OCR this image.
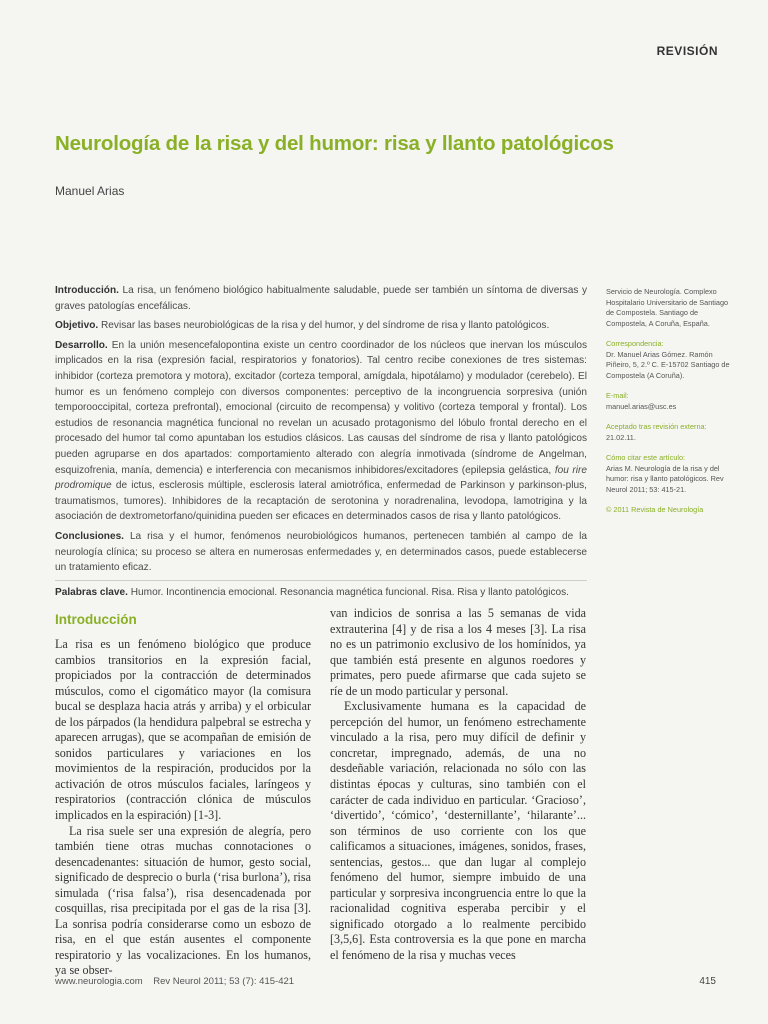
REVISIÓN
Neurología de la risa y del humor: risa y llanto patológicos
Manuel Arias

Introducción. La risa, un fenómeno biológico habitualmente saludable, puede ser también un síntoma de diversas y graves patologías encefálicas.

Objetivo. Revisar las bases neurobiológicas de la risa y del humor, y del síndrome de risa y llanto patológicos.

Desarrollo. En la unión mesencefalopontina existe un centro coordinador de los núcleos que inervan los músculos implicados en la risa (expresión facial, respiratorios y fonatorios). Tal centro recibe conexiones de tres sistemas: inhibidor (corteza premotora y motora), excitador (corteza temporal, amígdala, hipotálamo) y modulador (cerebelo). El humor es un fenómeno complejo con diversos componentes: perceptivo de la incongruencia sorpresiva (unión temporooccipital, corteza prefrontal), emocional (circuito de recompensa) y volitivo (corteza temporal y frontal). Los estudios de resonancia magnética funcional no revelan un acusado protagonismo del lóbulo frontal derecho en el procesado del humor tal como apuntaban los estudios clásicos. Las causas del síndrome de risa y llanto patológicos pueden agruparse en dos apartados: comportamiento alterado con alegría inmotivada (síndrome de Angelman, esquizofrenia, manía, demencia) e interferencia con mecanismos inhibidores/excitadores (epilepsia gelástica, fou rire prodromique de ictus, esclerosis múltiple, esclerosis lateral amiotrófica, enfermedad de Parkinson y parkinson-plus, traumatismos, tumores). Inhibidores de la recaptación de serotonina y noradrenalina, levodopa, lamotrigina y la asociación de dextrometorfano/quinidina pueden ser eficaces en determinados casos de risa y llanto patológicos.

Conclusiones. La risa y el humor, fenómenos neurobiológicos humanos, pertenecen también al campo de la neurología clínica; su proceso se altera en numerosas enfermedades y, en determinados casos, puede establecerse un tratamiento eficaz.

Palabras clave. Humor. Incontinencia emocional. Resonancia magnética funcional. Risa. Risa y llanto patológicos.

Servicio de Neurología. Complexo Hospitalario Universitario de Santiago de Compostela. Santiago de Compostela, A Coruña, España.
Correspondencia:
Dr. Manuel Arias Gómez. Ramón Piñeiro, 5, 2.º C. E-15702 Santiago de Compostela (A Coruña).
E-mail:
manuel.arias@usc.es
Aceptado tras revisión externa:
21.02.11.
Cómo citar este artículo:
Arias M. Neurología de la risa y del humor: risa y llanto patológicos. Rev Neurol 2011; 53: 415-21.
© 2011 Revista de Neurología
Introducción

La risa es un fenómeno biológico que produce cambios transitorios en la expresión facial, propiciados por la contracción de determinados músculos, como el cigomático mayor (la comisura bucal se desplaza hacia atrás y arriba) y el orbicular de los párpados (la hendidura palpebral se estrecha y aparecen arrugas), que se acompañan de emisión de sonidos particulares y variaciones en los movimientos de la respiración, producidos por la activación de otros músculos faciales, laríngeos y respiratorios (contracción clónica de músculos implicados en la espiración) [1-3].

La risa suele ser una expresión de alegría, pero también tiene otras muchas connotaciones o desencadenantes: situación de humor, gesto social, significado de desprecio o burla (‘risa burlona’), risa simulada (‘risa falsa’), risa desencadenada por cosquillas, risa precipitada por el gas de la risa [3]. La sonrisa podría considerarse como un esbozo de risa, en el que están ausentes el componente respiratorio y las vocalizaciones. En los humanos, ya se obser-

van indicios de sonrisa a las 5 semanas de vida extrauterina [4] y de risa a los 4 meses [3]. La risa no es un patrimonio exclusivo de los homínidos, ya que también está presente en algunos roedores y primates, pero puede afirmarse que cada sujeto se ríe de un modo particular y personal.

Exclusivamente humana es la capacidad de percepción del humor, un fenómeno estrechamente vinculado a la risa, pero muy difícil de definir y concretar, impregnado, además, de una no desdeñable variación, relacionada no sólo con las distintas épocas y culturas, sino también con el carácter de cada individuo en particular. ‘Gracioso’, ‘divertido’, ‘cómico’, ‘desternillante’, ‘hilarante’... son términos de uso corriente con los que calificamos a situaciones, imágenes, sonidos, frases, sentencias, gestos... que dan lugar al complejo fenómeno del humor, siempre imbuido de una particular y sorpresiva incongruencia entre lo que la racionalidad cognitiva esperaba percibir y el significado otorgado a lo realmente percibido [3,5,6]. Esta controversia es la que pone en marcha el fenómeno de la risa y muchas veces

www.neurologia.com Rev Neurol 2011; 53 (7): 415-421	415
